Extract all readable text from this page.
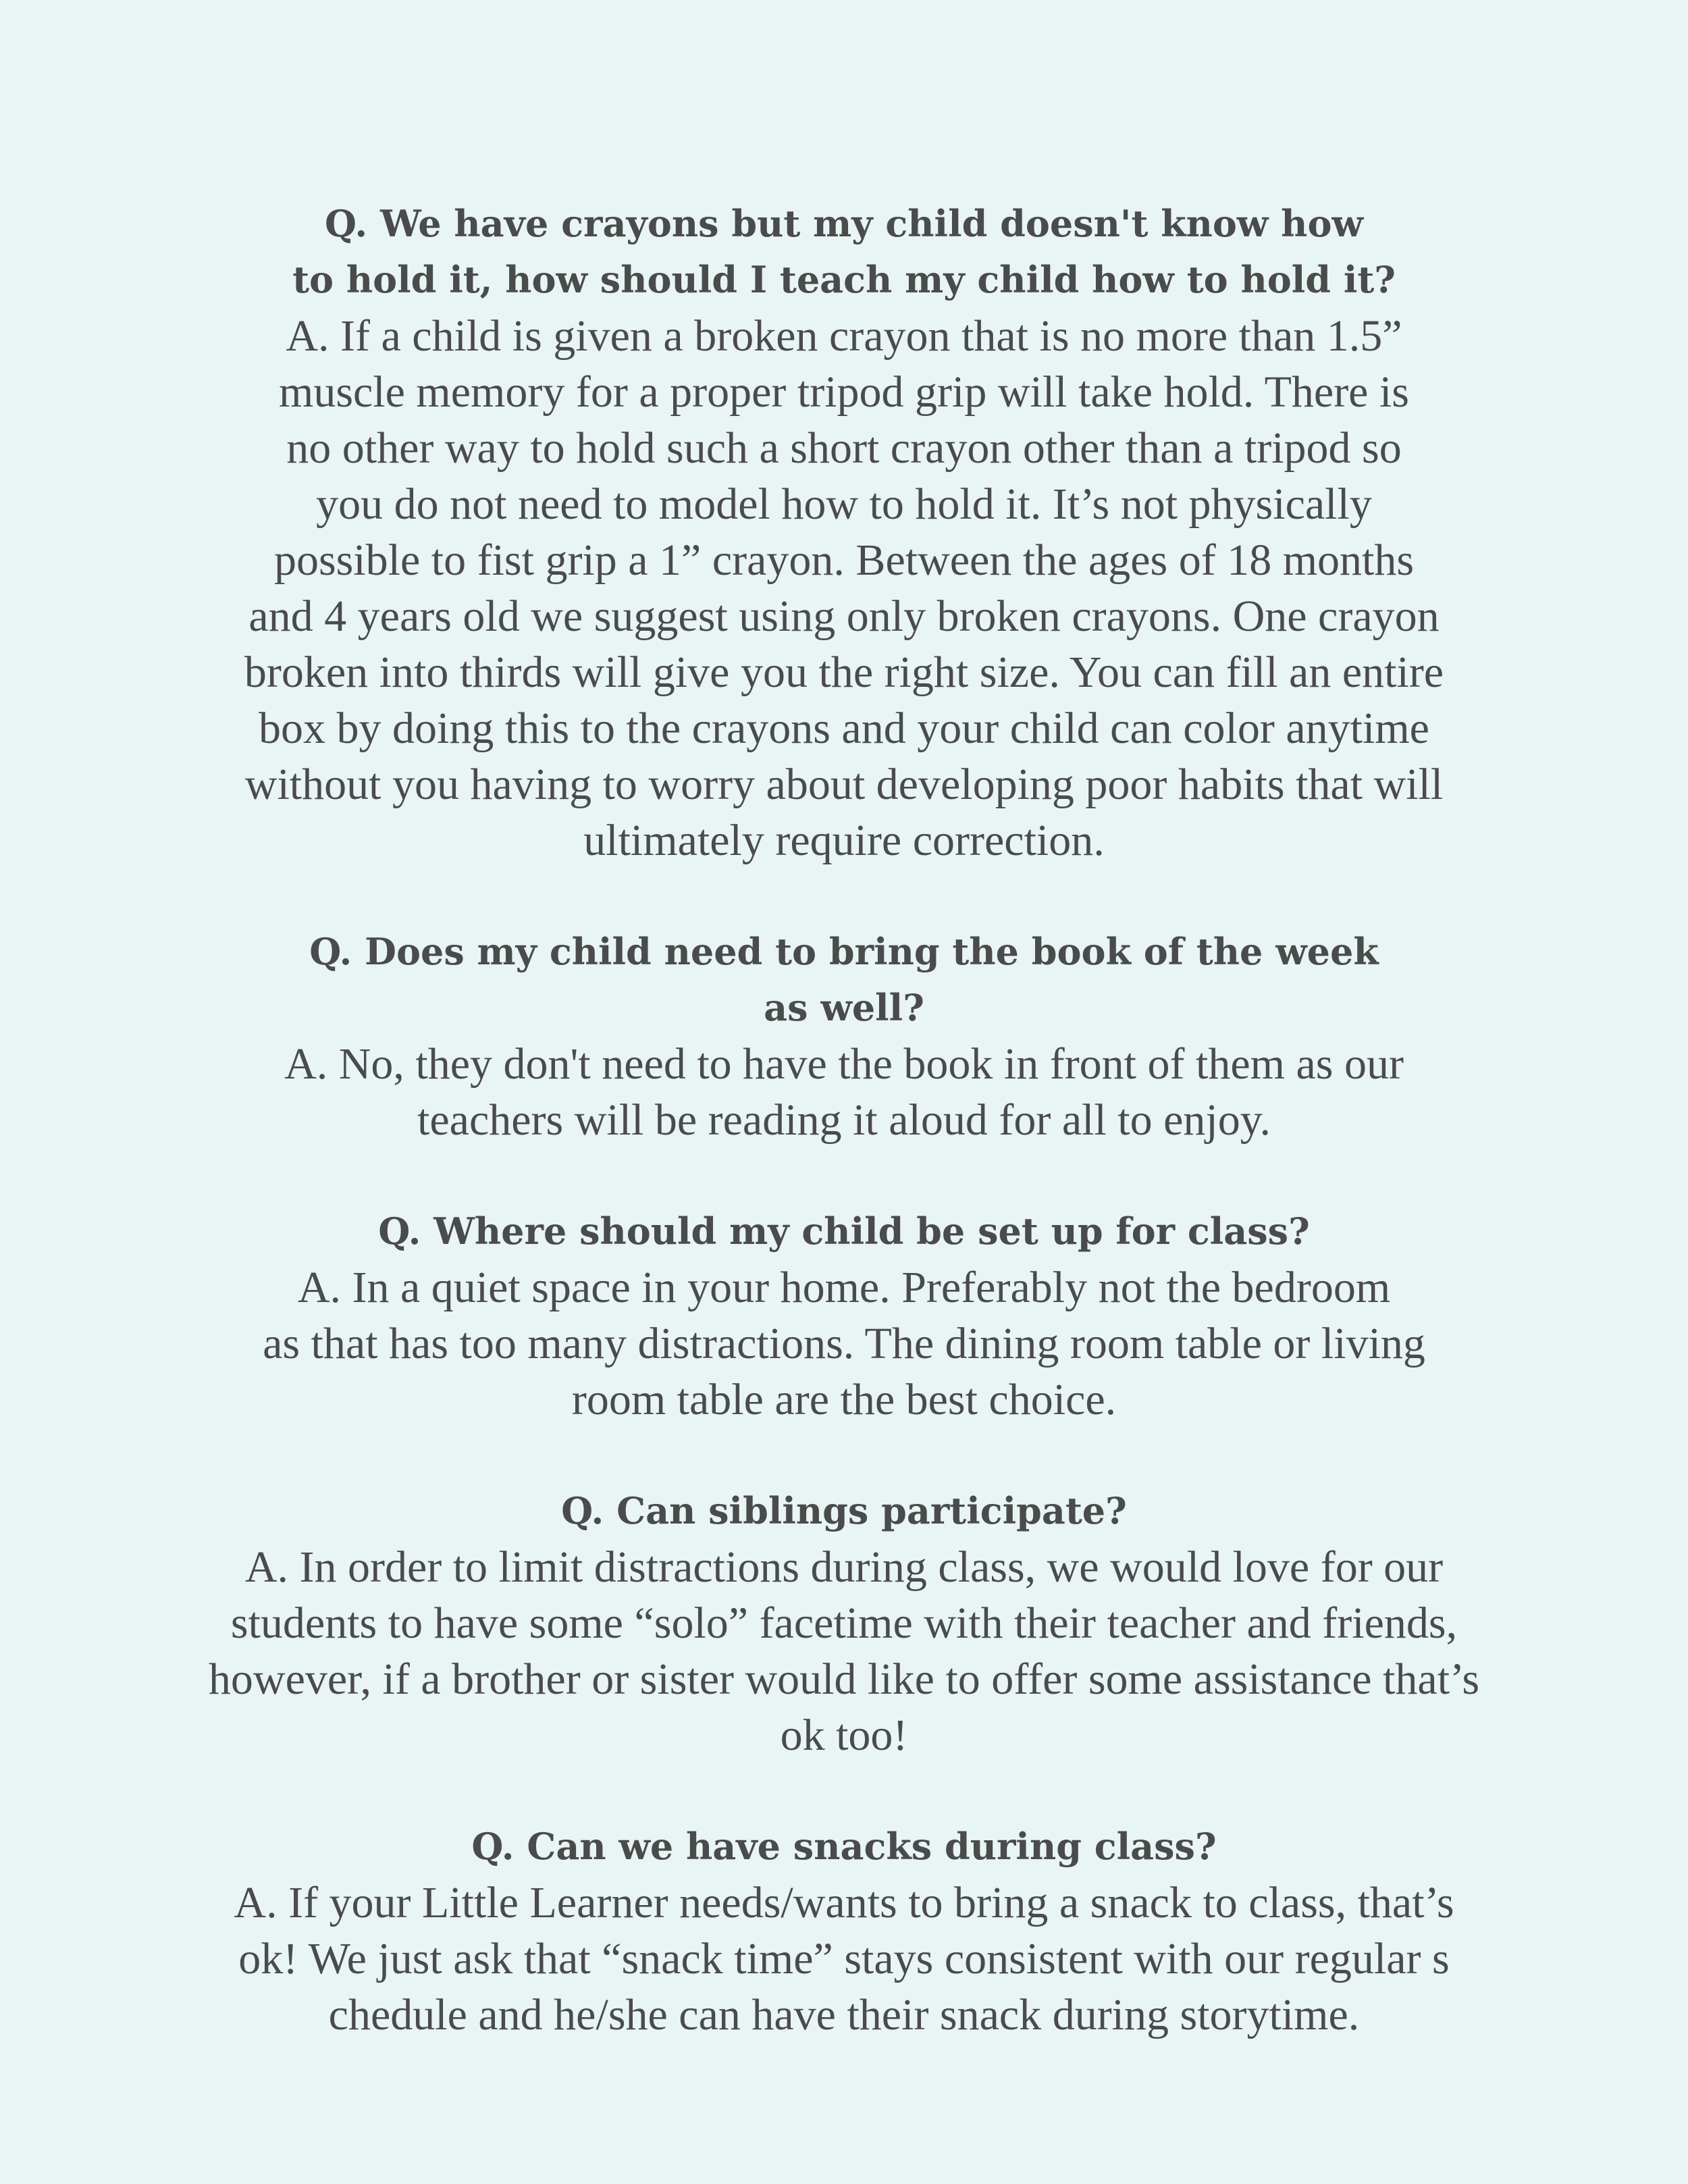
Q. We have crayons but my child doesn't know how
to hold it, how should I teach my child how to hold it?

A. If a child is given a broken crayon that is no more than 1.5”
muscle memory for a proper tripod grip will take hold. There is
no other way to hold such a short crayon other than a tripod so
you do not need to model how to hold it. It’s not physically
possible to fist grip a 1” crayon. Between the ages of 18 months
and 4 years old we suggest using only broken crayons. One crayon
broken into thirds will give you the right size. You can fill an entire
box by doing this to the crayons and your child can color anytime
without you having to worry about developing poor habits that will
ultimately require correction.

Q. Does my child need to bring the book of the week
as well?

A. No, they don't need to have the book in front of them as our
teachers will be reading it aloud for all to enjoy.

Q. Where should my child be set up for class?

A. In a quiet space in your home. Preferably not the bedroom
as that has too many distractions. The dining room table or living
room table are the best choice.

Q. Can siblings participate?

A. In order to limit distractions during class, we would love for our
students to have some “solo” facetime with their teacher and friends,
however, if a brother or sister would like to offer some assistance that’s
ok too!

Q. Can we have snacks during class?

A. If your Little Learner needs/wants to bring a snack to class, that’s
ok! We just ask that “snack time” stays consistent with our regular s
chedule and he/she can have their snack during storytime.
